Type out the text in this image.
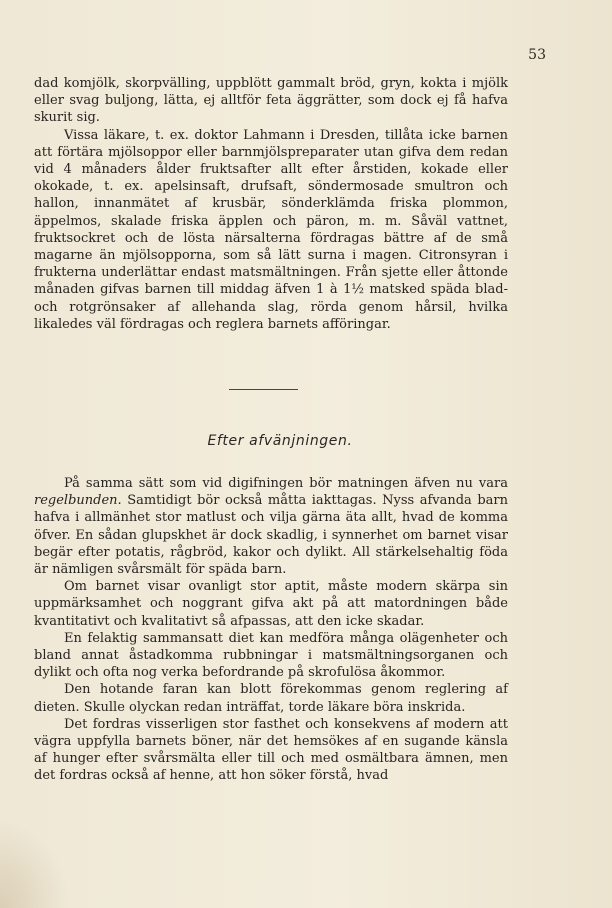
53

dad komjölk, skorpvälling, uppblött gammalt bröd, gryn, kokta i mjölk eller svag buljong, lätta, ej alltför feta äggrätter, som dock ej få hafva skurit sig.

Vissa läkare, t. ex. doktor Lahmann i Dresden, tillåta icke barnen att förtära mjölsoppor eller barnmjölspreparater utan gifva dem redan vid 4 månaders ålder fruktsafter allt efter årstiden, kokade eller okokade, t. ex. apelsinsaft, drufsaft, söndermosade smultron och hallon, innanmätet af krusbär, sönderklämda friska plommon, äppelmos, skalade friska äpplen och päron, m. m. Såväl vattnet, fruktsockret och de lösta närsalterna fördragas bättre af de små magarne än mjölsopporna, som så lätt surna i magen. Citronsyran i frukterna underlättar endast matsmältningen. Från sjette eller åttonde månaden gifvas barnen till middag äfven 1 à 1½ matsked späda blad- och rotgrönsaker af allehanda slag, rörda genom hårsil, hvilka likaledes väl fördragas och reglera barnets afföringar.

Efter afvänjningen.

På samma sätt som vid digifningen bör matningen äfven nu vara regelbunden. Samtidigt bör också måtta iakttagas. Nyss afvanda barn hafva i allmänhet stor matlust och vilja gärna äta allt, hvad de komma öfver. En sådan glupskhet är dock skadlig, i synnerhet om barnet visar begär efter potatis, rågbröd, kakor och dylikt. All stärkelsehaltig föda är nämligen svårsmält för späda barn.

Om barnet visar ovanligt stor aptit, måste modern skärpa sin uppmärksamhet och noggrant gifva akt på att matordningen både kvantitativt och kvalitativt så afpassas, att den icke skadar.

En felaktig sammansatt diet kan medföra många olägenheter och bland annat åstadkomma rubbningar i matsmältningsorganen och dylikt och ofta nog verka befordrande på skrofulösa åkommor.

Den hotande faran kan blott förekommas genom reglering af dieten. Skulle olyckan redan inträffat, torde läkare böra inskrida.

Det fordras visserligen stor fasthet och konsekvens af modern att vägra uppfylla barnets böner, när det hemsökes af en sugande känsla af hunger efter svårsmälta eller till och med osmältbara ämnen, men det fordras också af henne, att hon söker förstå, hvad
